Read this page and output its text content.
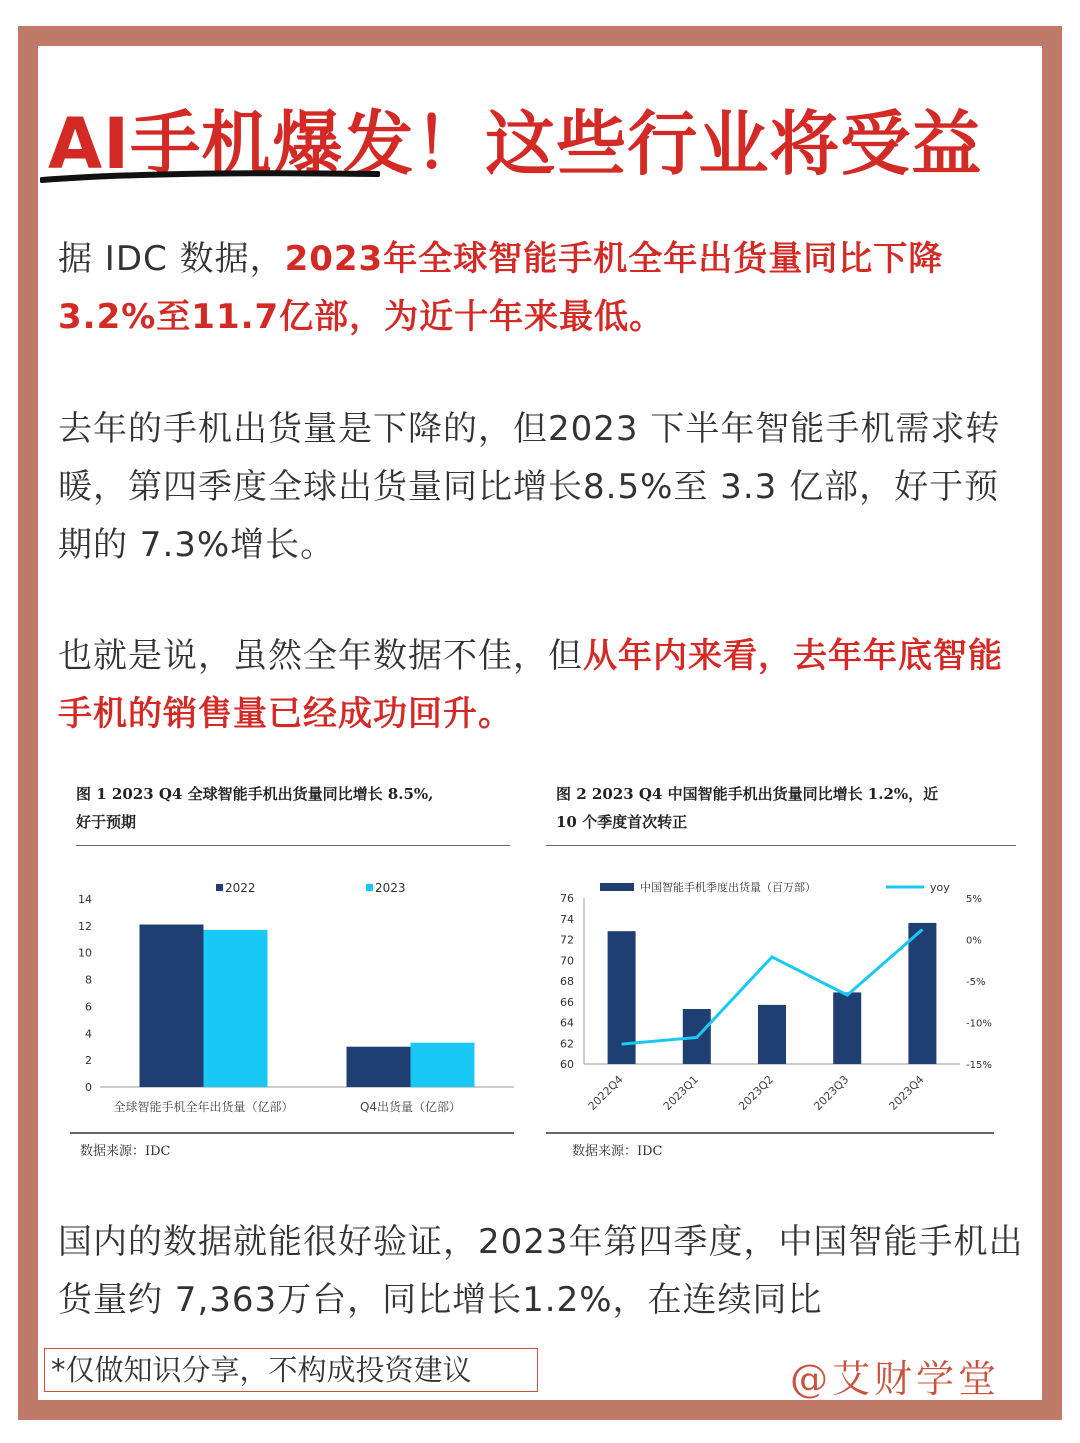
AI手机爆发！这些行业将受益
据 IDC 数据，2023年全球智能手机全年出货量同比下降3.2%至11.7亿部，为近十年来最低。
去年的手机出货量是下降的，但2023 下半年智能手机需求转暖，第四季度全球出货量同比增长8.5%至 3.3 亿部，好于预期的 7.3%增长。
也就是说，虽然全年数据不佳，但从年内来看，去年年底智能手机的销售量已经成功回升。
图 1 2023 Q4 全球智能手机出货量同比增长 8.5%,
好于预期
0
2
4
6
8
10
12
14
全球智能手机全年出货量（亿部）	Q4出货量（亿部）
2022	2023
数据来源：IDC
图 2 2023 Q4 中国智能手机出货量同比增长 1.2%，近
10 个季度首次转正
60
62
64
66
68
70
72
74
76
-15%
-10%
-5%
0%
5%
2022Q4	2023Q1	2023Q2	2023Q3	2023Q4
中国智能手机季度出货量（百万部）	yoy
数据来源：IDC
国内的数据就能很好验证，2023年第四季度，中国智能手机出货量约 7,363万台，同比增长1.2%，在连续同比
*仅做知识分享，不构成投资建议	@艾财学堂
